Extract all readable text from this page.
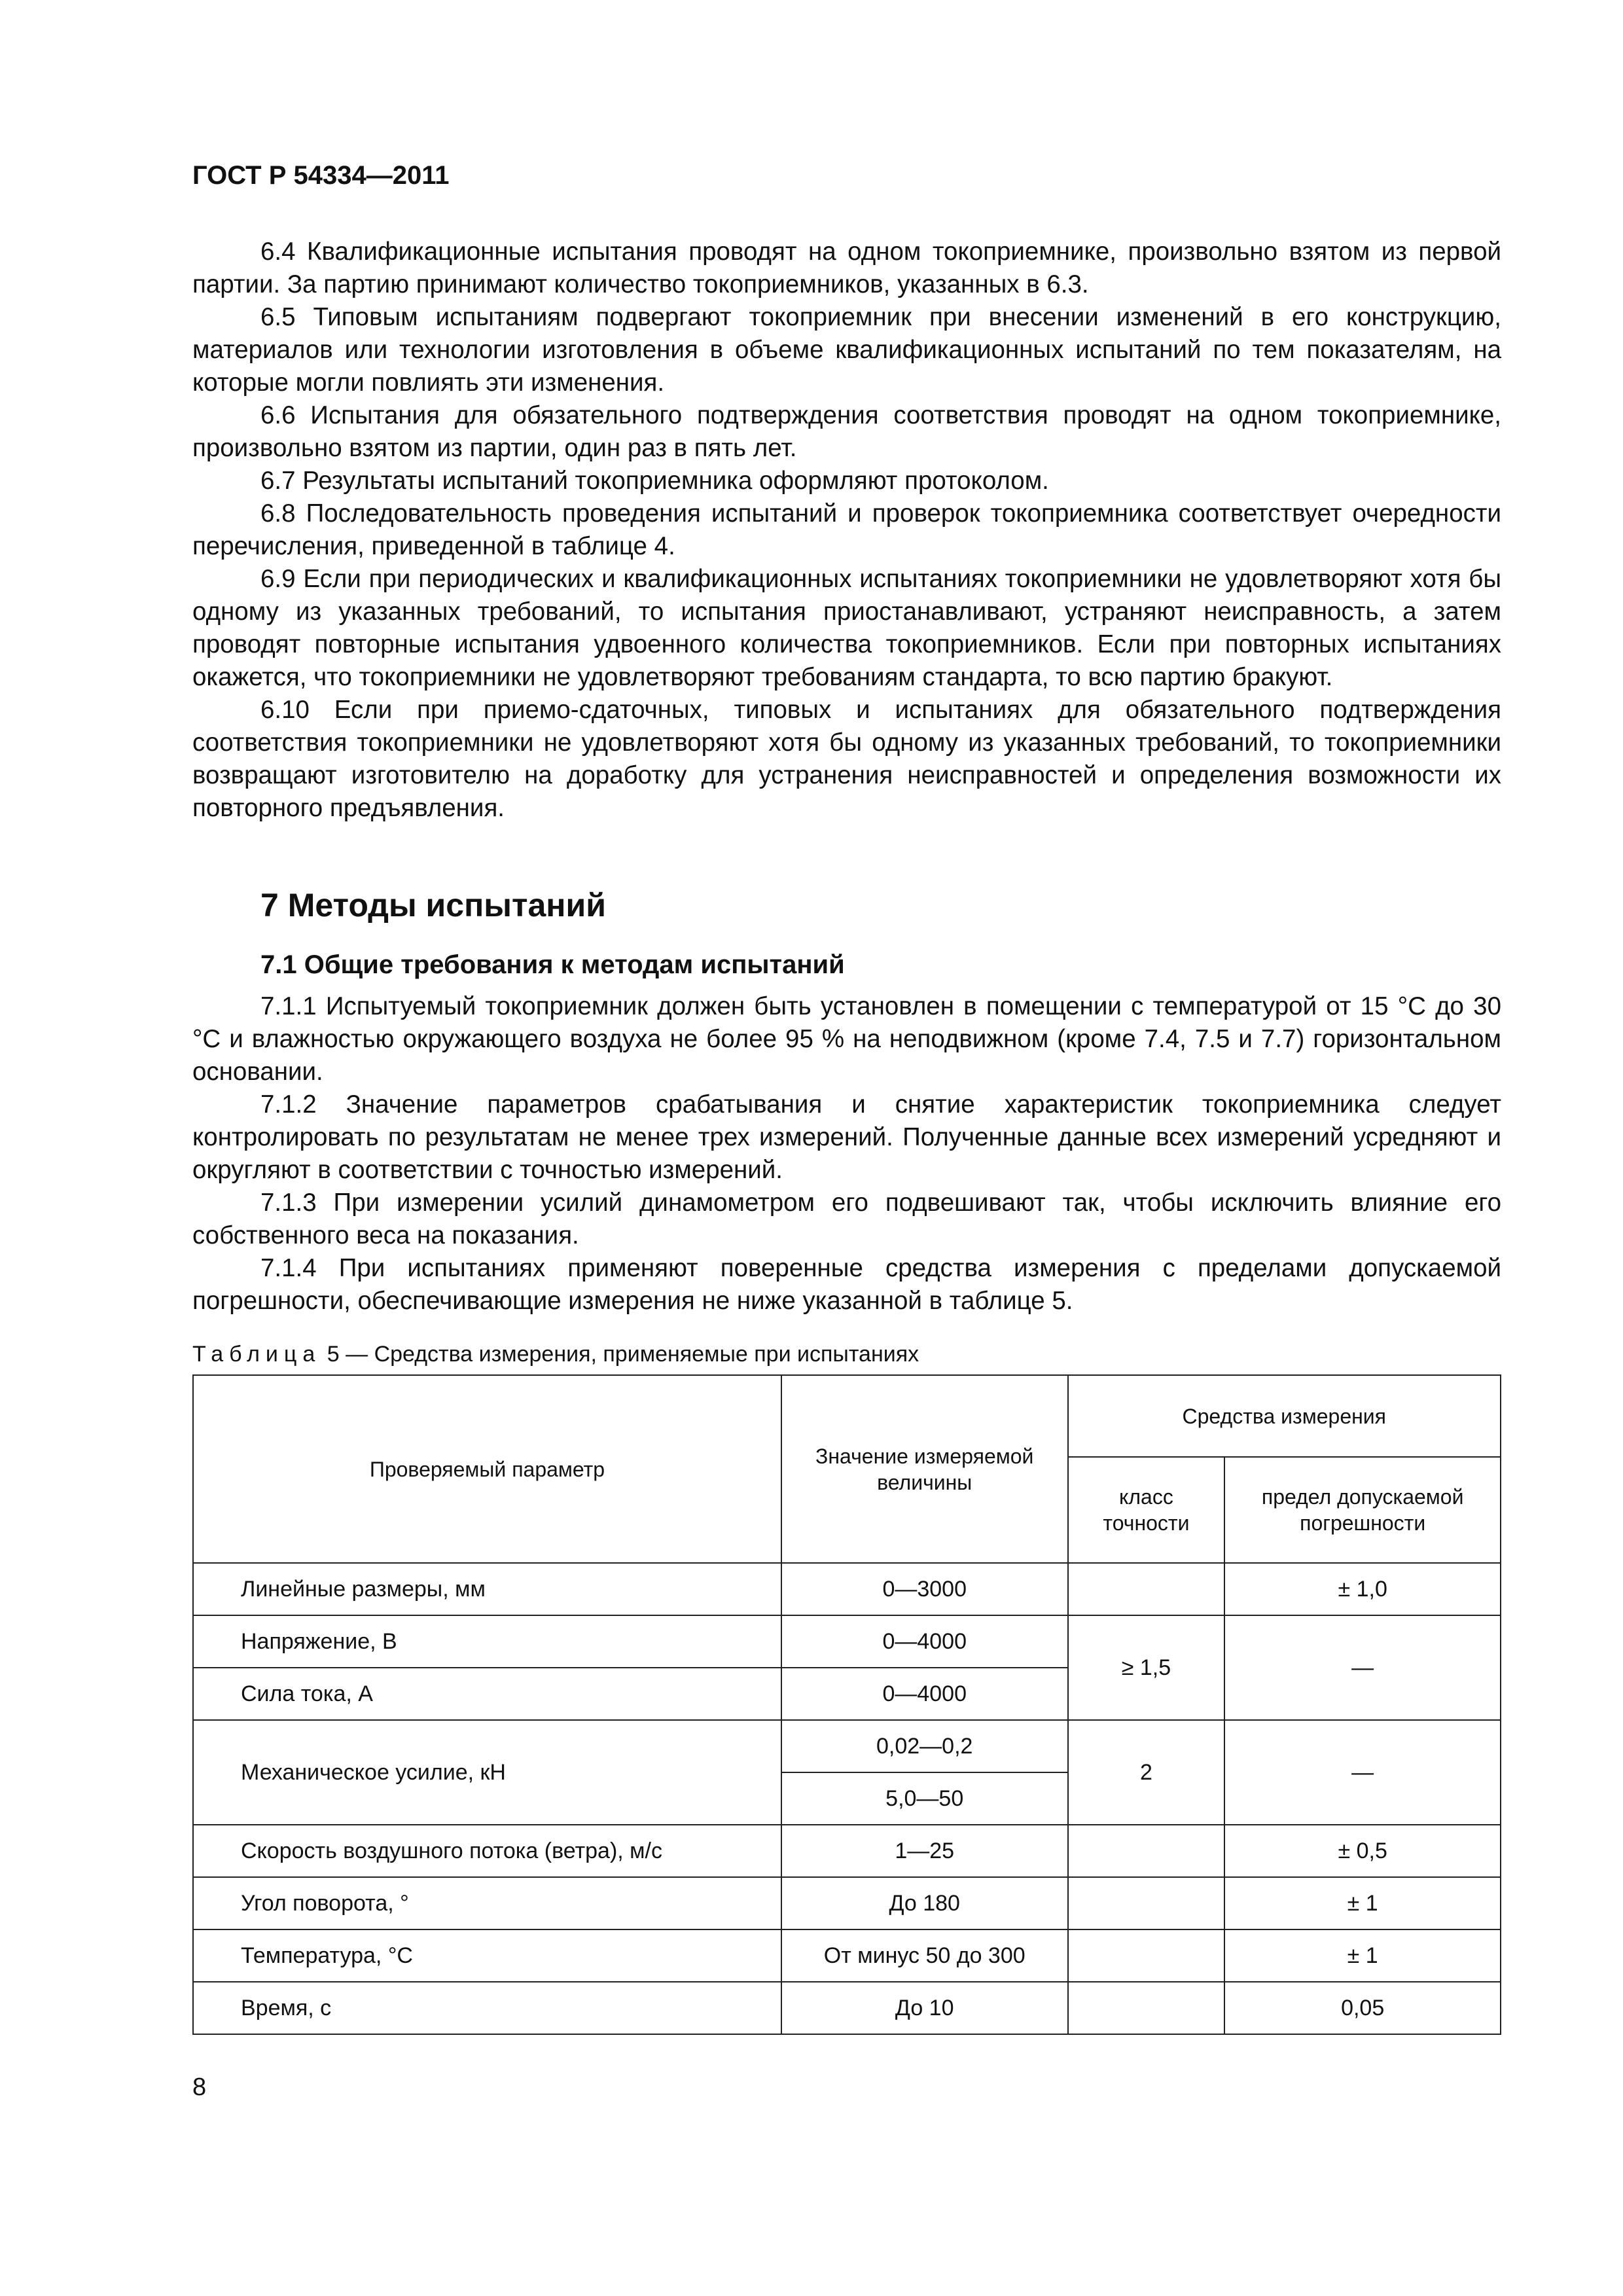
ГОСТ Р 54334—2011

6.4 Квалификационные испытания проводят на одном токоприемнике, произвольно взятом из первой партии. За партию принимают количество токоприемников, указанных в 6.3.

6.5 Типовым испытаниям подвергают токоприемник при внесении изменений в его конструкцию, материалов или технологии изготовления в объеме квалификационных испытаний по тем показателям, на которые могли повлиять эти изменения.

6.6 Испытания для обязательного подтверждения соответствия проводят на одном токоприемнике, произвольно взятом из партии, один раз в пять лет.

6.7 Результаты испытаний токоприемника оформляют протоколом.

6.8 Последовательность проведения испытаний и проверок токоприемника соответствует очередности перечисления, приведенной в таблице 4.

6.9 Если при периодических и квалификационных испытаниях токоприемники не удовлетворяют хотя бы одному из указанных требований, то испытания приостанавливают, устраняют неисправность, а затем проводят повторные испытания удвоенного количества токоприемников. Если при повторных испытаниях окажется, что токоприемники не удовлетворяют требованиям стандарта, то всю партию бракуют.

6.10 Если при приемо-сдаточных, типовых и испытаниях для обязательного подтверждения соответствия токоприемники не удовлетворяют хотя бы одному из указанных требований, то токоприемники возвращают изготовителю на доработку для устранения неисправностей и определения возможности их повторного предъявления.

7 Методы испытаний
7.1 Общие требования к методам испытаний

7.1.1 Испытуемый токоприемник должен быть установлен в помещении с температурой от 15 °С до 30 °С и влажностью окружающего воздуха не более 95 % на неподвижном (кроме 7.4, 7.5 и 7.7) горизонтальном основании.

7.1.2 Значение параметров срабатывания и снятие характеристик токоприемника следует контролировать по результатам не менее трех измерений. Полученные данные всех измерений усредняют и округляют в соответствии с точностью измерений.

7.1.3 При измерении усилий динамометром его подвешивают так, чтобы исключить влияние его собственного веса на показания.

7.1.4 При испытаниях применяют поверенные средства измерения с пределами допускаемой погрешности, обеспечивающие измерения не ниже указанной в таблице 5.

Таблица 5 — Средства измерения, применяемые при испытаниях
Проверяемый параметр	Значение измеряемой величины	Средства измерения	
		класс точности	предел допускаемой погрешности
Линейные размеры, мм	0—3000		± 1,0
Напряжение, В	0—4000	≥ 1,5	—
Сила тока, А	0—4000		
Механическое усилие, кН	0,02—0,2	2	—
	5,0—50		
Скорость воздушного потока (ветра), м/с	1—25		± 0,5
Угол поворота, °	До 180		± 1
Температура, °С	От минус 50 до 300		± 1
Время, с	До 10		0,05
8
